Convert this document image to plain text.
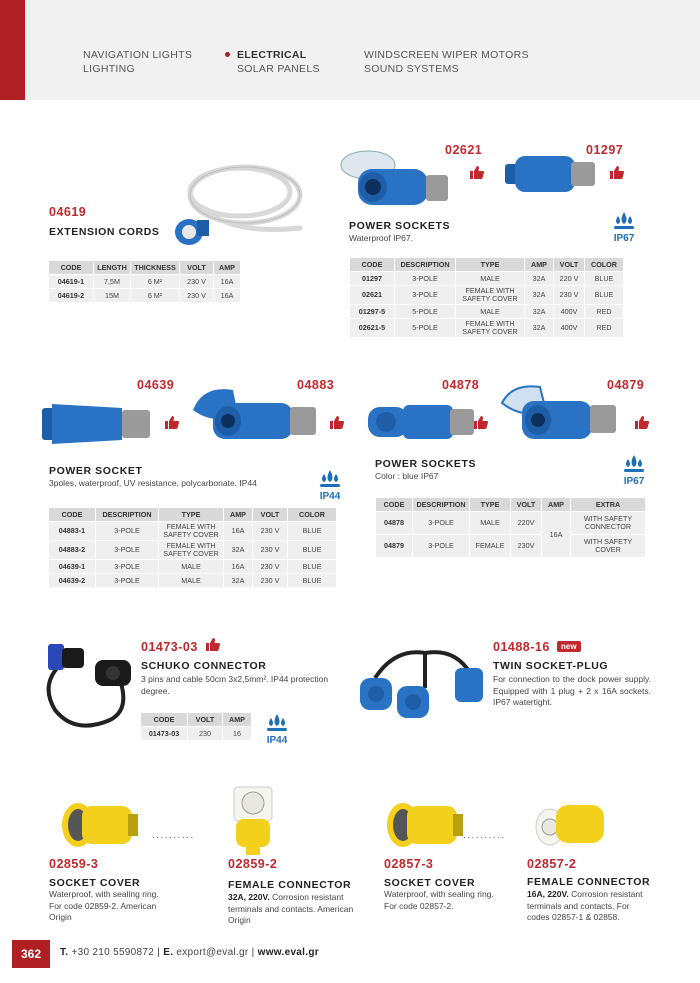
NAVIGATION LIGHTS
LIGHTING
ELECTRICAL
SOLAR PANELS
WINDSCREEN WIPER MOTORS
SOUND SYSTEMS
04619
EXTENSION CORDS
CODE	LENGTH	THICKNESS	VOLT	AMP
04619-1	7,5M	6 M²	230 V	16A
04619-2	15M	6 M²	230 V	16A
02621	01297
POWER SOCKETS
Waterproof IP67.	IP67
CODE	DESCRIPTION	TYPE	AMP	VOLT	COLOR
01297	3-POLE	MALE	32A	220 V	BLUE
02621	3-POLE	FEMALE WITH SAFETY COVER	32A	230 V	BLUE
01297-5	5-POLE	MALE	32A	400V	RED
02621-5	5-POLE	FEMALE WITH SAFETY COVER	32A	400V	RED
04639	04883
POWER SOCKET
3poles, waterproof, UV resistance, polycarbonate. IP44
IP44
CODE	DESCRIPTION	TYPE	AMP	VOLT	COLOR
04883-1	3-POLE	FEMALE WITH SAFETY COVER	16A	230 V	BLUE
04883-2	3-POLE	FEMALE WITH SAFETY COVER	32A	230 V	BLUE
04639-1	3-POLE	MALE	16A	230 V	BLUE
04639-2	3-POLE	MALE	32A	230 V	BLUE
04878	04879
POWER SOCKETS
Color : blue IP67	IP67
CODE	DESCRIPTION	TYPE	VOLT	AMP	EXTRA
04878	3-POLE	MALE	220V	16A	WITH SAFETY CONNECTOR
04879	3-POLE	FEMALE	230V		WITH SAFETY COVER
01473-03
SCHUKO CONNECTOR
3 pins and cable 50cm 3x2,5mm². IP44 protection degree.
CODE	VOLT	AMP
01473-03	230	16
IP44
01488-16	new
TWIN SOCKET-PLUG
For connection to the dock power supply. Equipped with 1 plug + 2 x 16A sockets. IP67 watertight.
..........	..........
02859-3
SOCKET COVER
Waterproof, with sealing ring. For code 02859-2. American Origin
02859-2
FEMALE CONNECTOR
32A, 220V. Corrosion resistant terminals and contacts. American Origin
02857-3
SOCKET COVER
Waterproof, with sealing ring. For code 02857-2.
02857-2
FEMALE CONNECTOR
16A, 220V. Corrosion resistant terminals and contacts. For codes 02857-1 & 02858.
362	T. +30 210 5590872 | E. export@eval.gr | www.eval.gr
